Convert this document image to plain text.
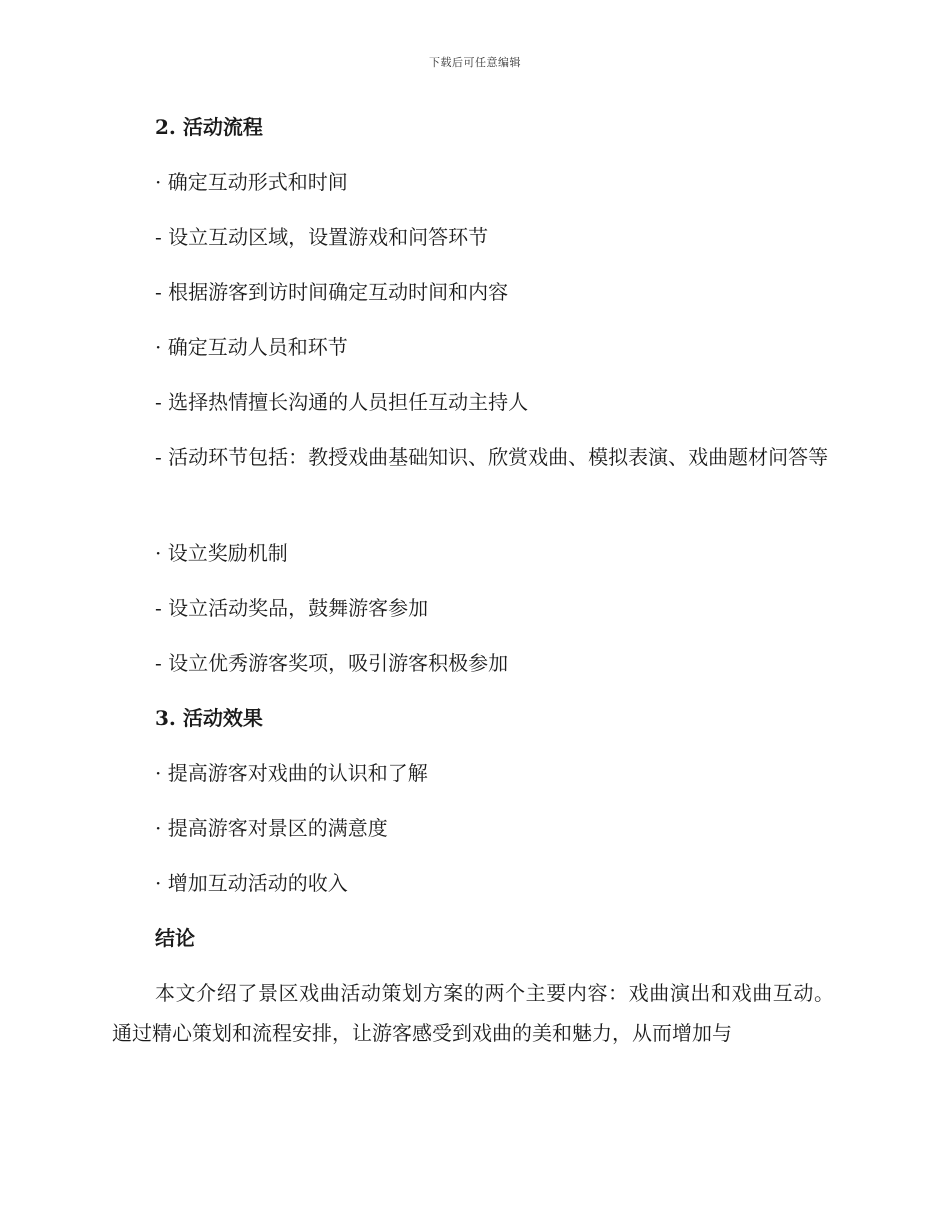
下载后可任意编辑
2. 活动流程
· 确定互动形式和时间
- 设立互动区域，设置游戏和问答环节
- 根据游客到访时间确定互动时间和内容
· 确定互动人员和环节
- 选择热情擅长沟通的人员担任互动主持人
- 活动环节包括：教授戏曲基础知识、欣赏戏曲、模拟表演、戏曲题材问答等
· 设立奖励机制
- 设立活动奖品，鼓舞游客参加
- 设立优秀游客奖项，吸引游客积极参加
3. 活动效果
· 提高游客对戏曲的认识和了解
· 提高游客对景区的满意度
· 增加互动活动的收入
结论
本文介绍了景区戏曲活动策划方案的两个主要内容：戏曲演出和戏曲互动。通过精心策划和流程安排，让游客感受到戏曲的美和魅力，从而增加与
